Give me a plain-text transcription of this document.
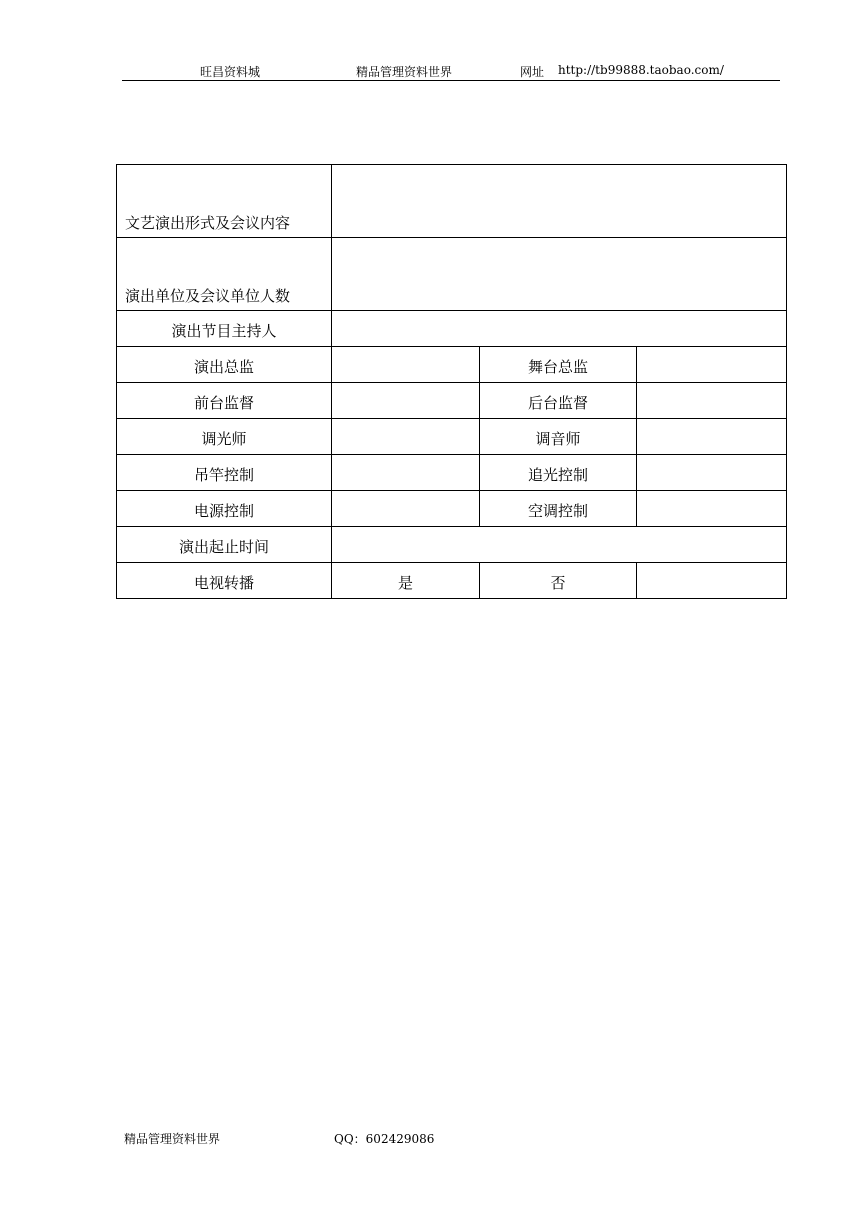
旺昌资料城	精品管理资料世界	网址 http://tb99888.taobao.com/
文艺演出形式及会议内容			
演出单位及会议单位人数			
演出节目主持人			
演出总监		舞台总监	
前台监督		后台监督	
调光师		调音师	
吊竿控制		追光控制	
电源控制		空调控制	
演出起止时间			
电视转播	是	否	
精品管理资料世界	QQ：602429086
